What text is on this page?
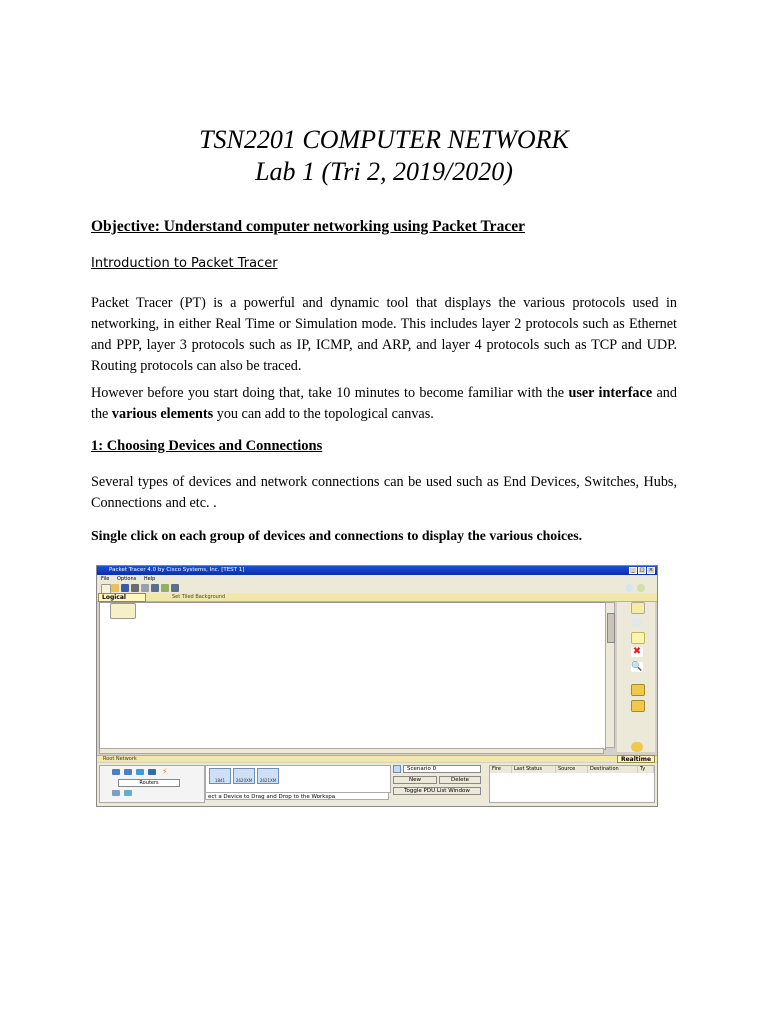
TSN2201 COMPUTER NETWORK
Lab 1 (Tri 2, 2019/2020)
Objective: Understand computer networking using Packet Tracer
Introduction to Packet Tracer
Packet Tracer (PT) is a powerful and dynamic tool that displays the various protocols used in networking, in either Real Time or Simulation mode. This includes layer 2 protocols such as Ethernet and PPP, layer 3 protocols such as IP, ICMP, and ARP, and layer 4 protocols such as TCP and UDP. Routing protocols can also be traced.
However before you start doing that, take 10 minutes to become familiar with the user interface and the various elements you can add to the topological canvas.
1: Choosing Devices and Connections
Several types of devices and network connections can be used such as End Devices, Switches, Hubs, Connections and etc. .
Single click on each group of devices and connections to display the various choices.
Packet Tracer 4.0 by Cisco Systems, Inc. [TEST 1]	_	□ ×
File Options Help
Logical	Set Tiled Background
✖
🔍
Root Network	Realtime
⚡
Routers	1841	2620XM	2621XM
ect a Device to Drag and Drop to the Workspa
Scenario 0
New	Delete
Toggle PDU List Window
Fire	Last Status	Source	Destination	Ty
